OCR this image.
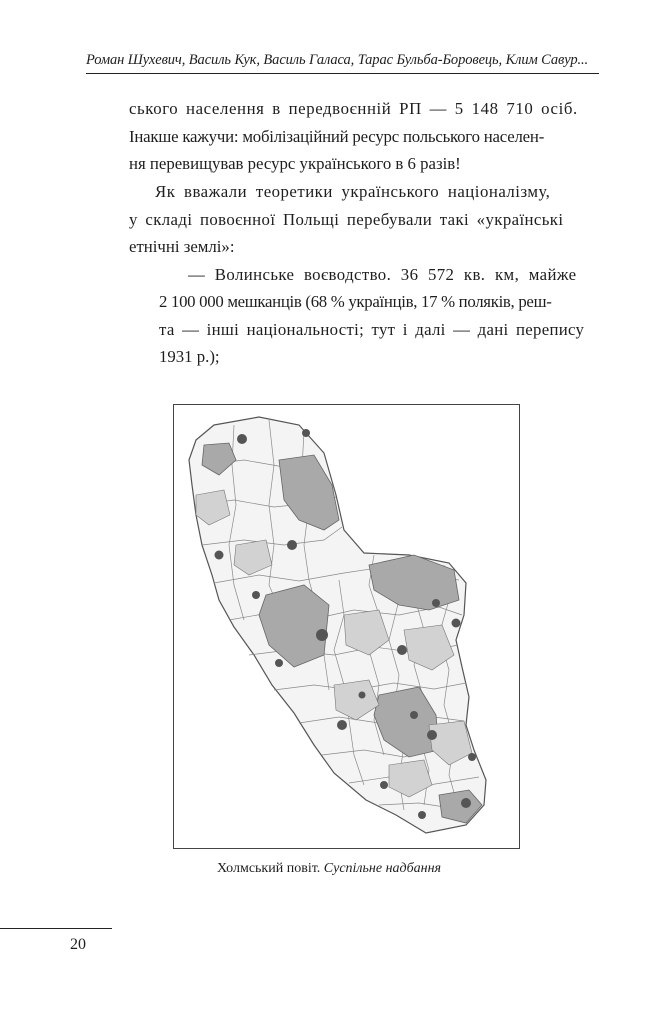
Роман Шухевич, Василь Кук, Василь Галаса, Тарас Бульба-Боровець, Клим Савур...
ського населення в передвоєнній РП — 5 148 710 осіб.
Інакше кажучи: мобілізаційний ресурс польського населен-
ня перевищував ресурс українського в 6 разів!
Як вважали теоретики українського націоналізму,
у складі повоєнної Польщі перебували такі «українські
етнічні землі»:
— Волинське воєводство. 36 572 кв. км, майже
2 100 000 мешканців (68 % українців, 17 % поляків, реш-
та — інші національності; тут і далі — дані перепису
1931 р.);
Холмський повіт. Суспільне надбання
20
